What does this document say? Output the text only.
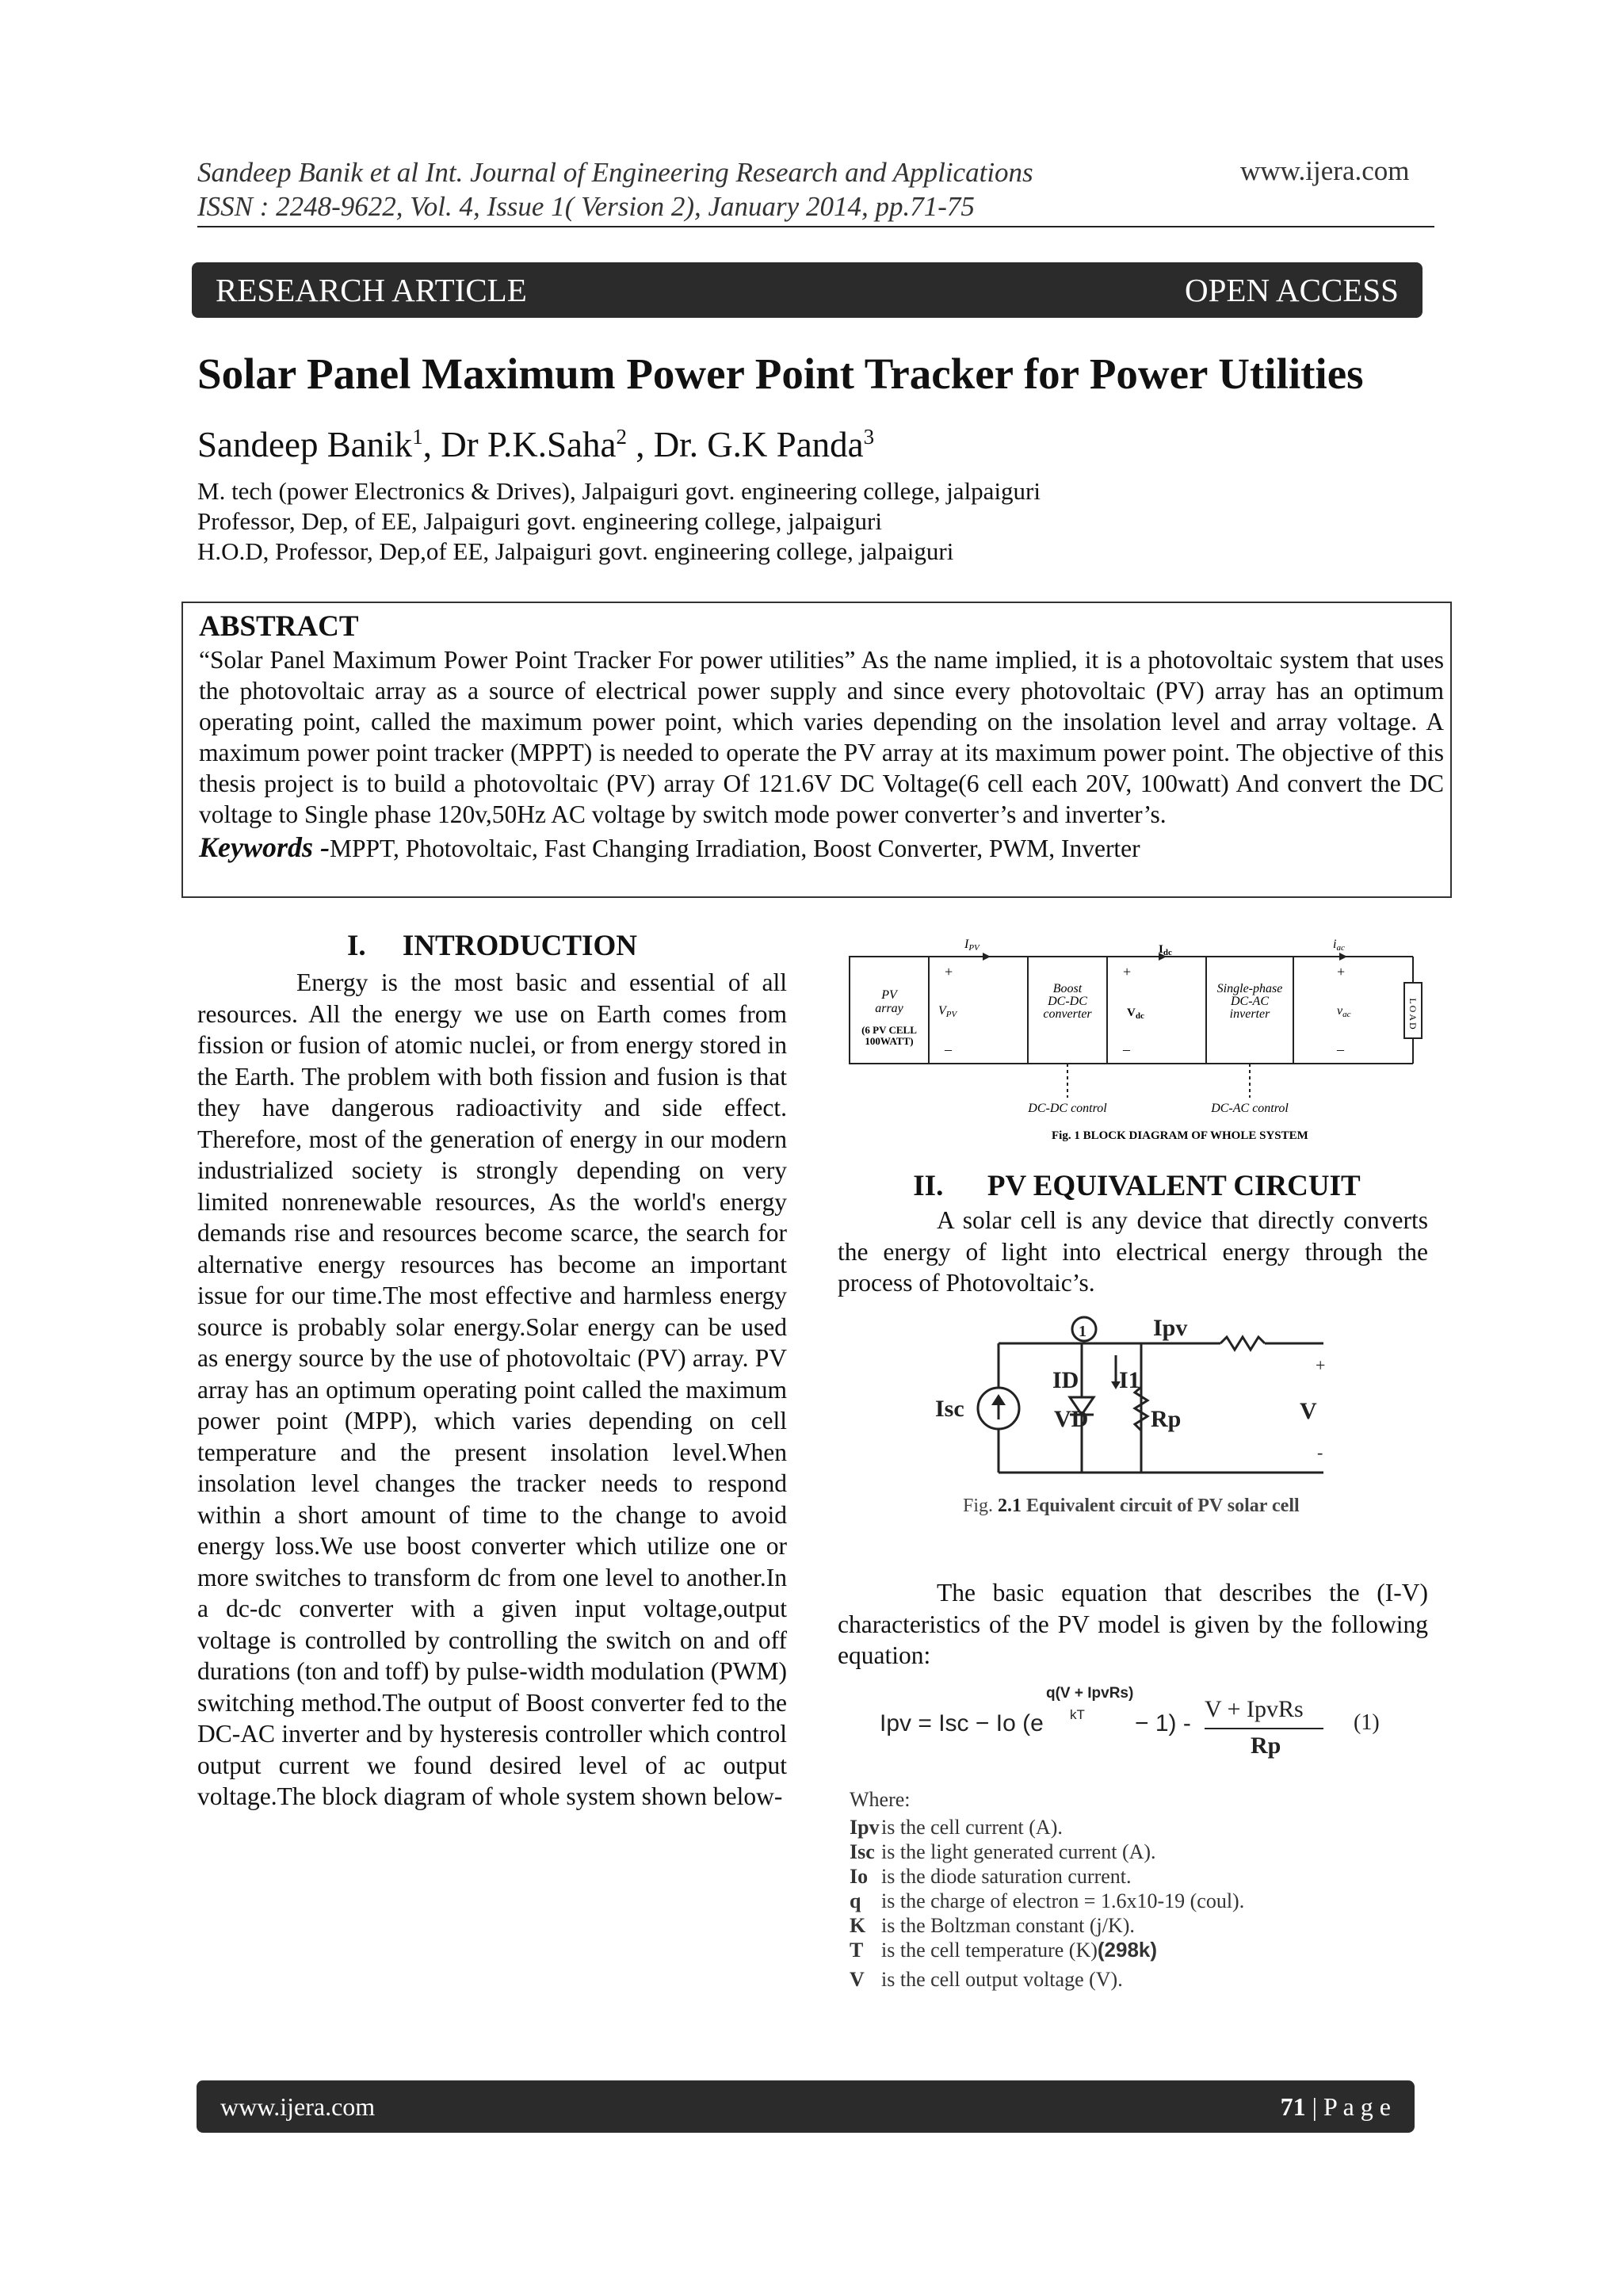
Sandeep Banik et al Int. Journal of Engineering Research and Applications	www.ijera.com
ISSN : 2248-9622, Vol. 4, Issue 1( Version 2), January 2014, pp.71-75
RESEARCH ARTICLE	OPEN ACCESS
Solar Panel Maximum Power Point Tracker for Power Utilities
Sandeep Banik$^1$, Dr P.K.Saha$^2$ , Dr. G.K Panda$^3$
M. tech (power Electronics & Drives), Jalpaiguri govt. engineering college, jalpaiguri
Professor, Dep, of EE, Jalpaiguri govt. engineering college, jalpaiguri
H.O.D, Professor, Dep,of EE, Jalpaiguri govt. engineering college, jalpaiguri
ABSTRACT

“Solar Panel Maximum Power Point Tracker For power utilities” As the name implied, it is a photovoltaic system that uses the photovoltaic array as a source of electrical power supply and since every photovoltaic (PV) array has an optimum operating point, called the maximum power point, which varies depending on the insolation level and array voltage. A maximum power point tracker (MPPT) is needed to operate the PV array at its maximum power point. The objective of this thesis project is to build a photovoltaic (PV) array Of 121.6V DC Voltage(6 cell each 20V, 100watt) And convert the DC voltage to Single phase 120v,50Hz AC voltage by switch mode power converter’s and inverter’s.

Keywords -MPPT, Photovoltaic, Fast Changing Irradiation, Boost Converter, PWM, Inverter
I. INTRODUCTION

Energy is the most basic and essential of all resources. All the energy we use on Earth comes from fission or fusion of atomic nuclei, or from energy stored in the Earth. The problem with both fission and fusion is that they have dangerous radioactivity and side effect. Therefore, most of the generation of energy in our modern industrialized society is strongly depending on very limited nonrenewable resources, As the world's energy demands rise and resources become scarce, the search for alternative energy resources has become an important issue for our time.The most effective and harmless energy source is probably solar energy.Solar energy can be used as energy source by the use of photovoltaic (PV) array. PV array has an optimum operating point called the maximum power point (MPP), which varies depending on cell temperature and the present insolation level.When insolation level changes the tracker needs to respond within a short amount of time to the change to avoid energy loss.We use boost converter which utilize one or more switches to transform dc from one level to another.In a dc-dc converter with a given input voltage,output voltage is controlled by controlling the switch on and off durations (ton and toff) by pulse-width modulation (PWM) switching method.The output of Boost converter fed to the DC-AC inverter and by hysteresis controller which control output current we found desired level of ac output voltage.The block diagram of whole system shown below-

PV
array
Boost
DC-DC
converter
Single-phase
DC-AC
inverter
DC-DC control	DC-AC control
(6 PV CELL
100WATT)
LOAD
IPV
VPV
iac
vac
$I_{dc}$
$V_{dc}$
+
–
+
–
+
–
Fig. 1 BLOCK DIAGRAM OF WHOLE SYSTEM
II. PV EQUIVALENT CIRCUIT

A solar cell is any device that directly converts the energy of light into electrical energy through the process of Photovoltaic’s.

1	Ipv
ID I1
Isc	VD	Rp	V
+
-
Fig. 2.1 Equivalent circuit of PV solar cell

The basic equation that describes the (I-V) characteristics of the PV model is given by the following equation:

Ipv = Isc − Io (e
q(V + IpvRs)
kT − 1) -
V + IpvRs
Rp
(1)
Where:
Ipvis the cell current (A).
Isc is the light generated current (A).
Io is the diode saturation current.
q is the charge of electron = 1.6x10-19 (coul).
K is the Boltzman constant (j/K).
T is the cell temperature (K)(298k)
V is the cell output voltage (V).
www.ijera.com	71 | P a g e
